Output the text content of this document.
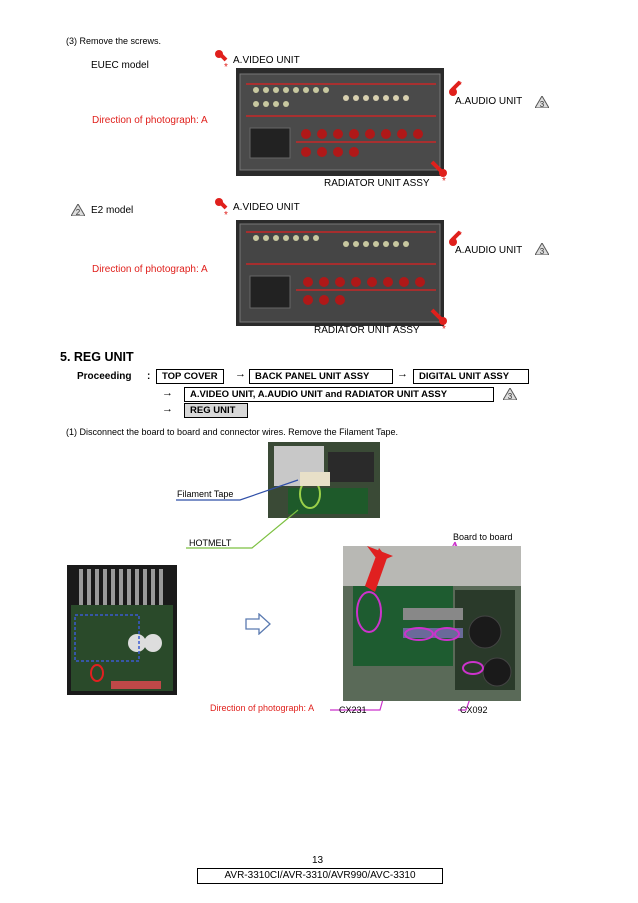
(3) Remove the screws.
EUEC model	A.VIDEO UNIT
*
A.AUDIO UNIT
*
3
Direction of photograph: A
RADIATOR UNIT ASSY *
2 E2 model	A.VIDEO UNIT
*
A.AUDIO UNIT
*
3
Direction of photograph: A
RADIATOR UNIT ASSY *
5. REG UNIT
Proceeding :	TOP COVER	→ BACK PANEL UNIT ASSY	→	DIGITAL UNIT ASSY
→	A.VIDEO UNIT, A.AUDIO UNIT and RADIATOR UNIT ASSY	3
→	REG UNIT
(1) Disconnect the board to board and connector wires. Remove the Filament Tape.
Filament Tape
HOTMELT
Board to board
Direction of photograph: A	CX231	CX092
13
AVR-3310CI/AVR-3310/AVR990/AVC-3310
